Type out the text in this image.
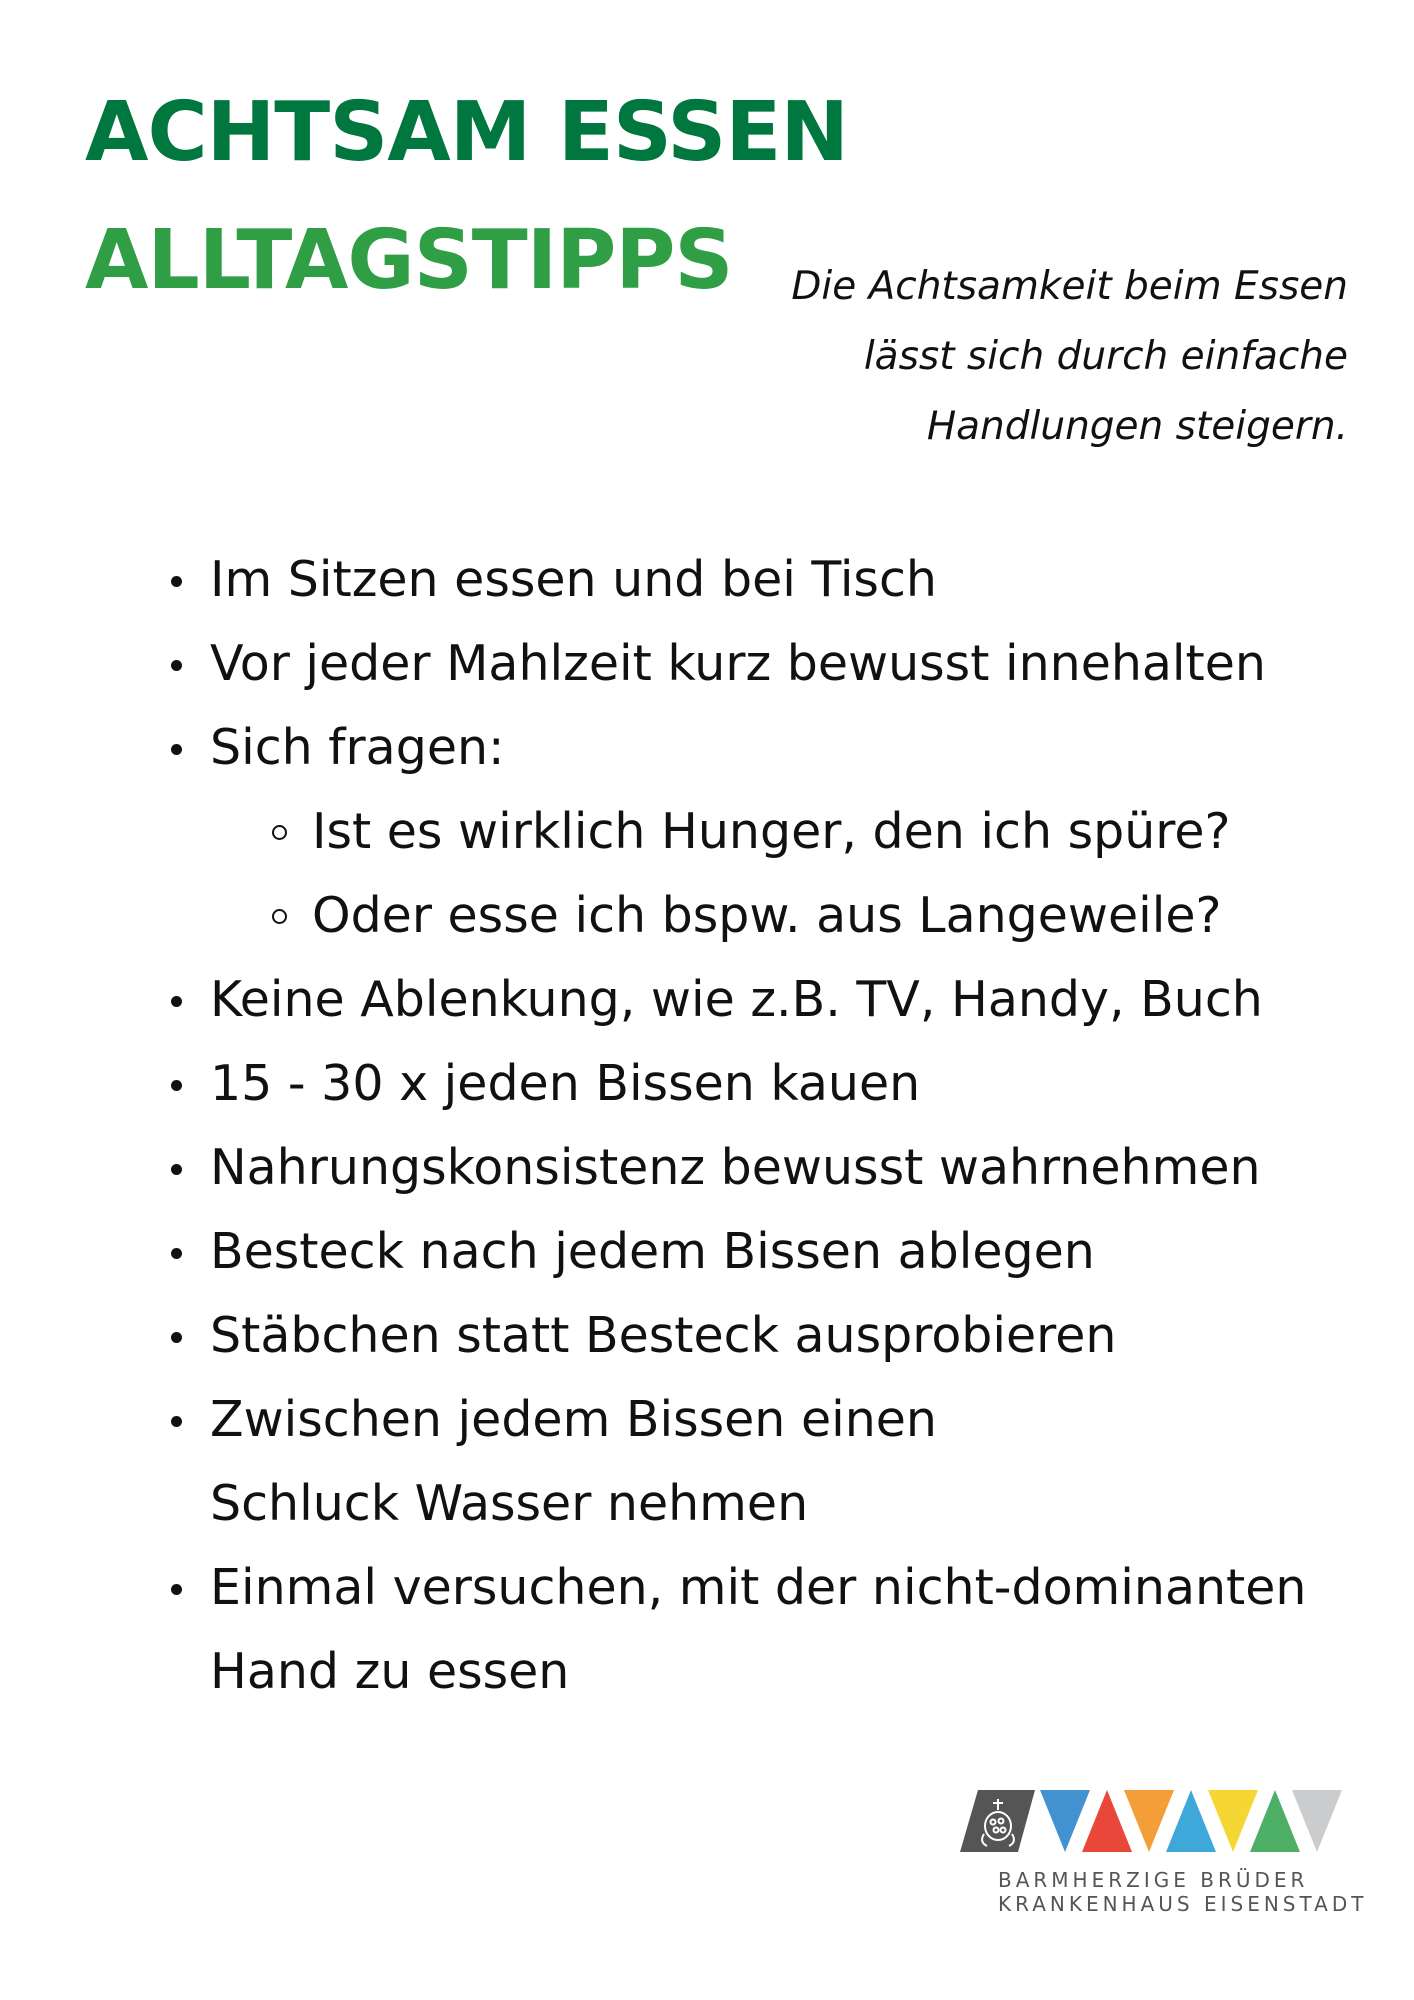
ACHTSAM ESSEN
ALLTAGSTIPPS	Die Achtsamkeit beim Essen
lässt sich durch einfache
Handlungen steigern.
Im Sitzen essen und bei Tisch
Vor jeder Mahlzeit kurz bewusst innehalten
Sich fragen:
Ist es wirklich Hunger, den ich spüre?
Oder esse ich bspw. aus Langeweile?
Keine Ablenkung, wie z.B. TV, Handy, Buch
15 - 30 x jeden Bissen kauen
Nahrungskonsistenz bewusst wahrnehmen
Besteck nach jedem Bissen ablegen
Stäbchen statt Besteck ausprobieren
Zwischen jedem Bissen einen Schluck Wasser nehmen
Einmal versuchen, mit der nicht-dominanten Hand zu essen

BARMHERZIGE BRÜDER

KRANKENHAUS EISENSTADT
